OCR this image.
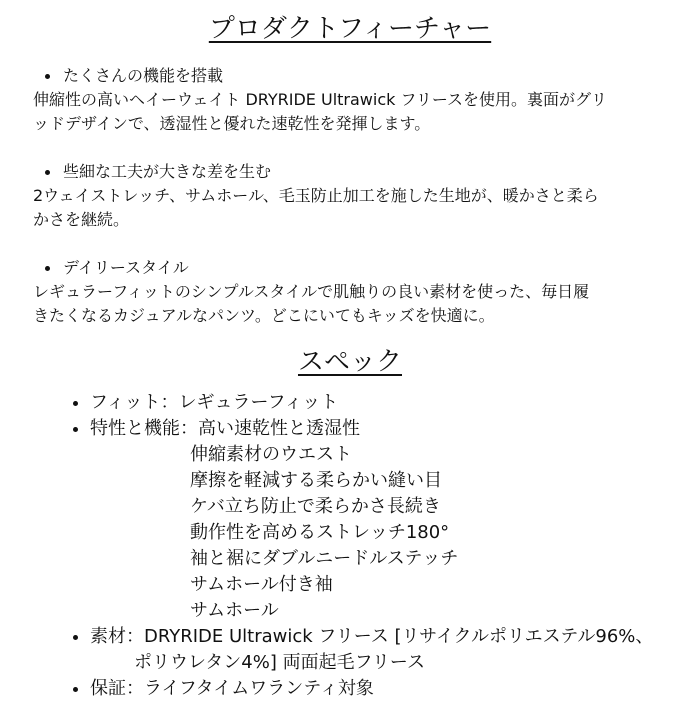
プロダクトフィーチャー
たくさんの機能を搭載

伸縮性の高いヘイーウェイト DRYRIDE Ultrawick フリースを使用。裏面がグリ
ッドデザインで、透湿性と優れた速乾性を発揮します。

些細な工夫が大きな差を生む

2ウェイストレッチ、サムホール、毛玉防止加工を施した生地が、暖かさと柔ら
かさを継続。

デイリースタイル

レギュラーフィットのシンプルスタイルで肌触りの良い素材を使った、毎日履
きたくなるカジュアルなパンツ。どこにいてもキッズを快適に。

スペック
フィット：レギュラーフィット
特性と機能：高い速乾性と透湿性
伸縮素材のウエスト
摩擦を軽減する柔らかい縫い目
ケバ立ち防止で柔らかさ長続き
動作性を高めるストレッチ180°
袖と裾にダブルニードルステッチ
サムホール付き袖
サムホール
素材：DRYRIDE Ultrawick フリース [リサイクルポリエステル96%、
ポリウレタン4%] 両面起毛フリース
保証：ライフタイムワランティ対象
